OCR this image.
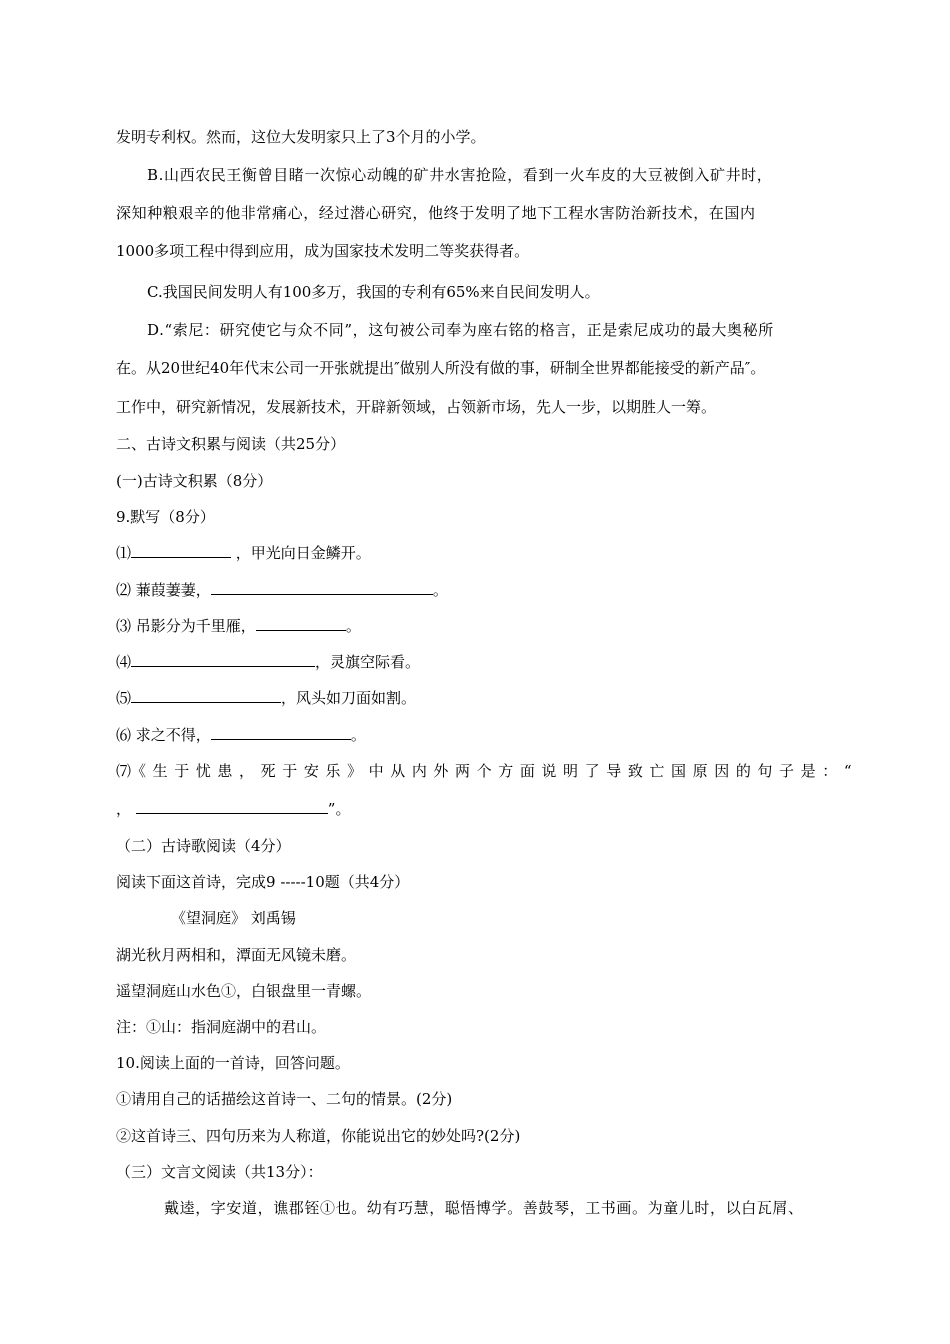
发明专利权。然而，这位大发明家只上了3个月的小学。
B.山西农民王衡曾目睹一次惊心动魄的矿井水害抢险，看到一火车皮的大豆被倒入矿井时，
深知种粮艰辛的他非常痛心，经过潜心研究，他终于发明了地下工程水害防治新技术，在国内
1000多项工程中得到应用，成为国家技术发明二等奖获得者。
C.我国民间发明人有100多万，我国的专利有65%来自民间发明人。
D.“索尼：研究使它与众不同”，这句被公司奉为座右铭的格言，正是索尼成功的最大奥秘所
在。从20世纪40年代末公司一开张就提出″做别人所没有做的事，研制全世界都能接受的新产品″。
工作中，研究新情况，发展新技术，开辟新领域，占领新市场，先人一步，以期胜人一筹。
二、古诗文积累与阅读（共25分）
(一)古诗文积累（8分）
9.默写（8分）
⑴	，甲光向日金鳞开。
⑵ 蒹葭萋萋，	。
⑶ 吊影分为千里雁，	。
⑷	，灵旗空际看。
⑸	，风头如刀面如割。
⑹ 求之不得，	。
⑺《生于忧患，死于安乐》中从内外两个方面说明了导致亡国原因的句子是：“
，	”。
（二）古诗歌阅读（4分）
阅读下面这首诗，完成9 -----10题（共4分）
《望洞庭》 刘禹锡
湖光秋月两相和，潭面无风镜未磨。
遥望洞庭山水色①，白银盘里一青螺。
注：①山：指洞庭湖中的君山。
10.阅读上面的一首诗，回答问题。
①请用自己的话描绘这首诗一、二句的情景。(2分)
②这首诗三、四句历来为人称道，你能说出它的妙处吗?(2分)
（三）文言文阅读（共13分）：
戴逵，字安道，谯郡铚①也。幼有巧慧，聪悟博学。善鼓琴，工书画。为童儿时，以白瓦屑、
